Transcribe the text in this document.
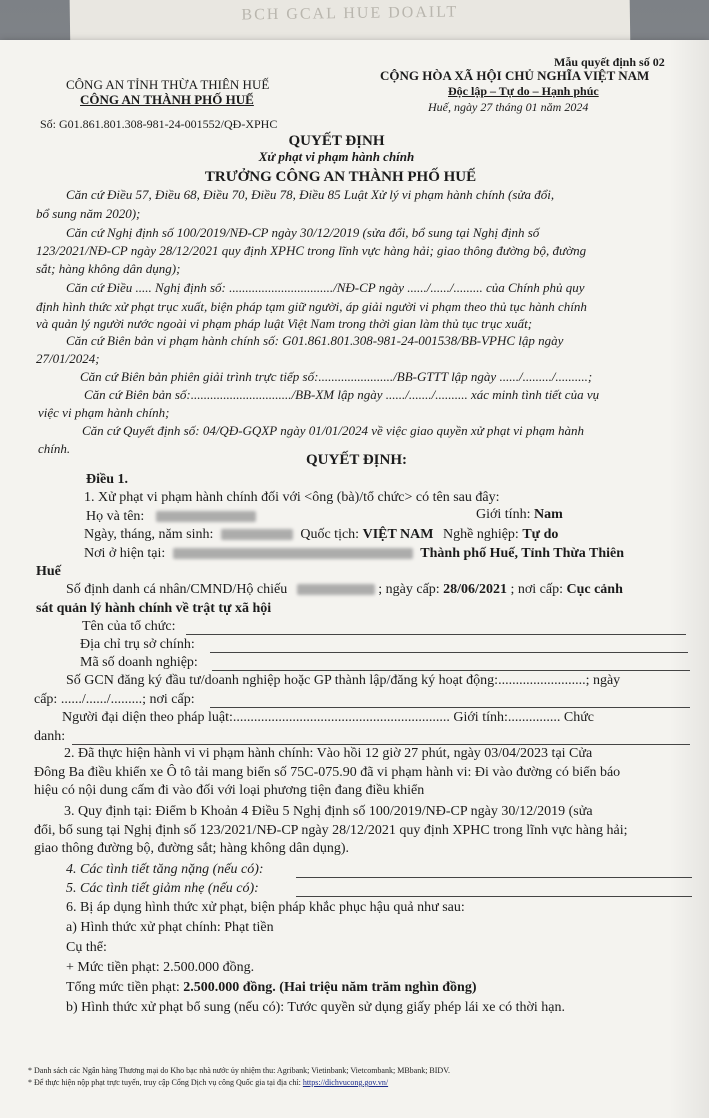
BCH GCAL HUE DOAILT
Mẫu quyết định số 02
CÔNG AN TỈNH THỪA THIÊN HUẾ
CÔNG AN THÀNH PHỐ HUẾ
Số: G01.861.801.308-981-24-001552/QĐ-XPHC
CỘNG HÒA XÃ HỘI CHỦ NGHĨA VIỆT NAM
Độc lập – Tự do – Hạnh phúc
Huế, ngày 27 tháng 01 năm 2024
QUYẾT ĐỊNH
Xử phạt vi phạm hành chính
TRƯỞNG CÔNG AN THÀNH PHỐ HUẾ
Căn cứ Điều 57, Điều 68, Điều 70, Điều 78, Điều 85 Luật Xử lý vi phạm hành chính (sửa đổi,
bổ sung năm 2020);
Căn cứ Nghị định số 100/2019/NĐ-CP ngày 30/12/2019 (sửa đổi, bổ sung tại Nghị định số
123/2021/NĐ-CP ngày 28/12/2021 quy định XPHC trong lĩnh vực hàng hải; giao thông đường bộ, đường
sắt; hàng không dân dụng);
Căn cứ Điều ..... Nghị định số: ................................/NĐ-CP ngày ....../....../......... của Chính phủ quy
định hình thức xử phạt trục xuất, biện pháp tạm giữ người, áp giải người vi phạm theo thủ tục hành chính
và quản lý người nước ngoài vi phạm pháp luật Việt Nam trong thời gian làm thủ tục trục xuất;
Căn cứ Biên bản vi phạm hành chính số: G01.861.801.308-981-24-001538/BB-VPHC lập ngày
27/01/2024;
Căn cứ Biên bản phiên giải trình trực tiếp số:......................./BB-GTTT lập ngày ....../........./..........;
Căn cứ Biên bản số:.............................../BB-XM lập ngày ....../......./.......... xác minh tình tiết của vụ
việc vi phạm hành chính;
Căn cứ Quyết định số: 04/QĐ-GQXP ngày 01/01/2024 về việc giao quyền xử phạt vi phạm hành
chính.
QUYẾT ĐỊNH:
Điều 1.
1. Xử phạt vi phạm hành chính đối với <ông (bà)/tổ chức> có tên sau đây:
Họ và tên:	Giới tính: Nam
Ngày, tháng, năm sinh:	Quốc tịch: VIỆT NAM Nghề nghiệp: Tự do
Nơi ở hiện tại:	Thành phố Huế, Tỉnh Thừa Thiên
Huế
Số định danh cá nhân/CMND/Hộ chiếu	; ngày cấp: 28/06/2021 ; nơi cấp: Cục cảnh
sát quản lý hành chính về trật tự xã hội
Tên của tổ chức:
Địa chỉ trụ sở chính:
Mã số doanh nghiệp:
Số GCN đăng ký đầu tư/doanh nghiệp hoặc GP thành lập/đăng ký hoạt động:.........................; ngày
cấp: ....../....../.........; nơi cấp:
Người đại diện theo pháp luật:.............................................................. Giới tính:............... Chức
danh:
2. Đã thực hiện hành vi vi phạm hành chính: Vào hồi 12 giờ 27 phút, ngày 03/04/2023 tại Cửa
Đông Ba điều khiển xe Ô tô tải mang biển số 75C-075.90 đã vi phạm hành vi: Đi vào đường có biển báo
hiệu có nội dung cấm đi vào đối với loại phương tiện đang điều khiển
3. Quy định tại: Điểm b Khoản 4 Điều 5 Nghị định số 100/2019/NĐ-CP ngày 30/12/2019 (sửa
đổi, bổ sung tại Nghị định số 123/2021/NĐ-CP ngày 28/12/2021 quy định XPHC trong lĩnh vực hàng hải;
giao thông đường bộ, đường sắt; hàng không dân dụng).
4. Các tình tiết tăng nặng (nếu có):
5. Các tình tiết giảm nhẹ (nếu có):
6. Bị áp dụng hình thức xử phạt, biện pháp khắc phục hậu quả như sau:
a) Hình thức xử phạt chính: Phạt tiền
Cụ thể:
+ Mức tiền phạt: 2.500.000 đồng.
Tổng mức tiền phạt: 2.500.000 đồng. (Hai triệu năm trăm nghìn đồng)
b) Hình thức xử phạt bổ sung (nếu có): Tước quyền sử dụng giấy phép lái xe có thời hạn.
* Danh sách các Ngân hàng Thương mại do Kho bạc nhà nước ủy nhiệm thu: Agribank; Vietinbank; Vietcombank; MBbank; BIDV.
* Để thực hiện nộp phạt trực tuyến, truy cập Cổng Dịch vụ công Quốc gia tại địa chỉ: https://dichvucong.gov.vn/
